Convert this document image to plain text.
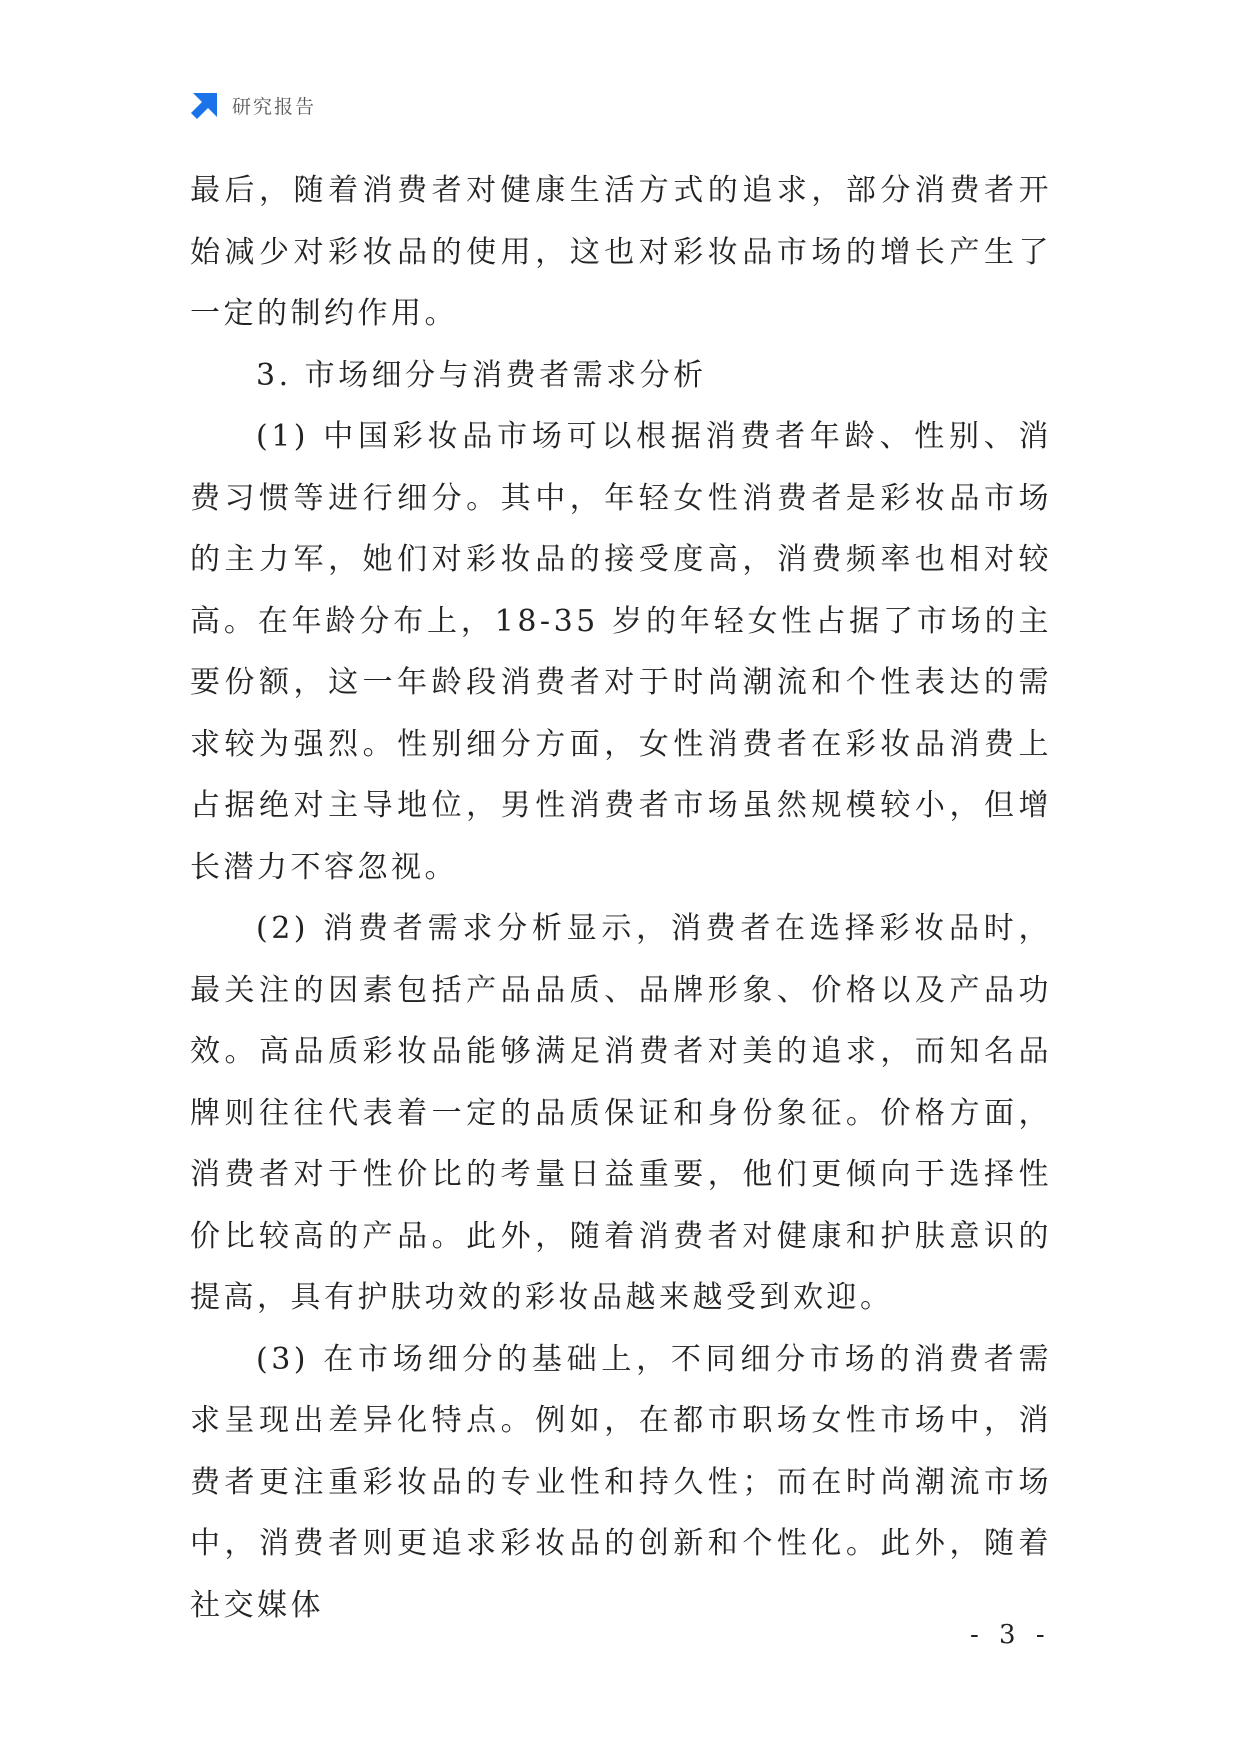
研究报告

最后，随着消费者对健康生活方式的追求，部分消费者开始减少对彩妆品的使用，这也对彩妆品市场的增长产生了一定的制约作用。

3. 市场细分与消费者需求分析

(1) 中国彩妆品市场可以根据消费者年龄、性别、消费习惯等进行细分。其中，年轻女性消费者是彩妆品市场的主力军，她们对彩妆品的接受度高，消费频率也相对较高。在年龄分布上，18-35 岁的年轻女性占据了市场的主要份额，这一年龄段消费者对于时尚潮流和个性表达的需求较为强烈。性别细分方面，女性消费者在彩妆品消费上占据绝对主导地位，男性消费者市场虽然规模较小，但增长潜力不容忽视。

(2) 消费者需求分析显示，消费者在选择彩妆品时，最关注的因素包括产品品质、品牌形象、价格以及产品功效。高品质彩妆品能够满足消费者对美的追求，而知名品牌则往往代表着一定的品质保证和身份象征。价格方面，消费者对于性价比的考量日益重要，他们更倾向于选择性价比较高的产品。此外，随着消费者对健康和护肤意识的提高，具有护肤功效的彩妆品越来越受到欢迎。

(3) 在市场细分的基础上，不同细分市场的消费者需求呈现出差异化特点。例如，在都市职场女性市场中，消费者更注重彩妆品的专业性和持久性；而在时尚潮流市场中，消费者则更追求彩妆品的创新和个性化。此外，随着社交媒体

- 3 -
